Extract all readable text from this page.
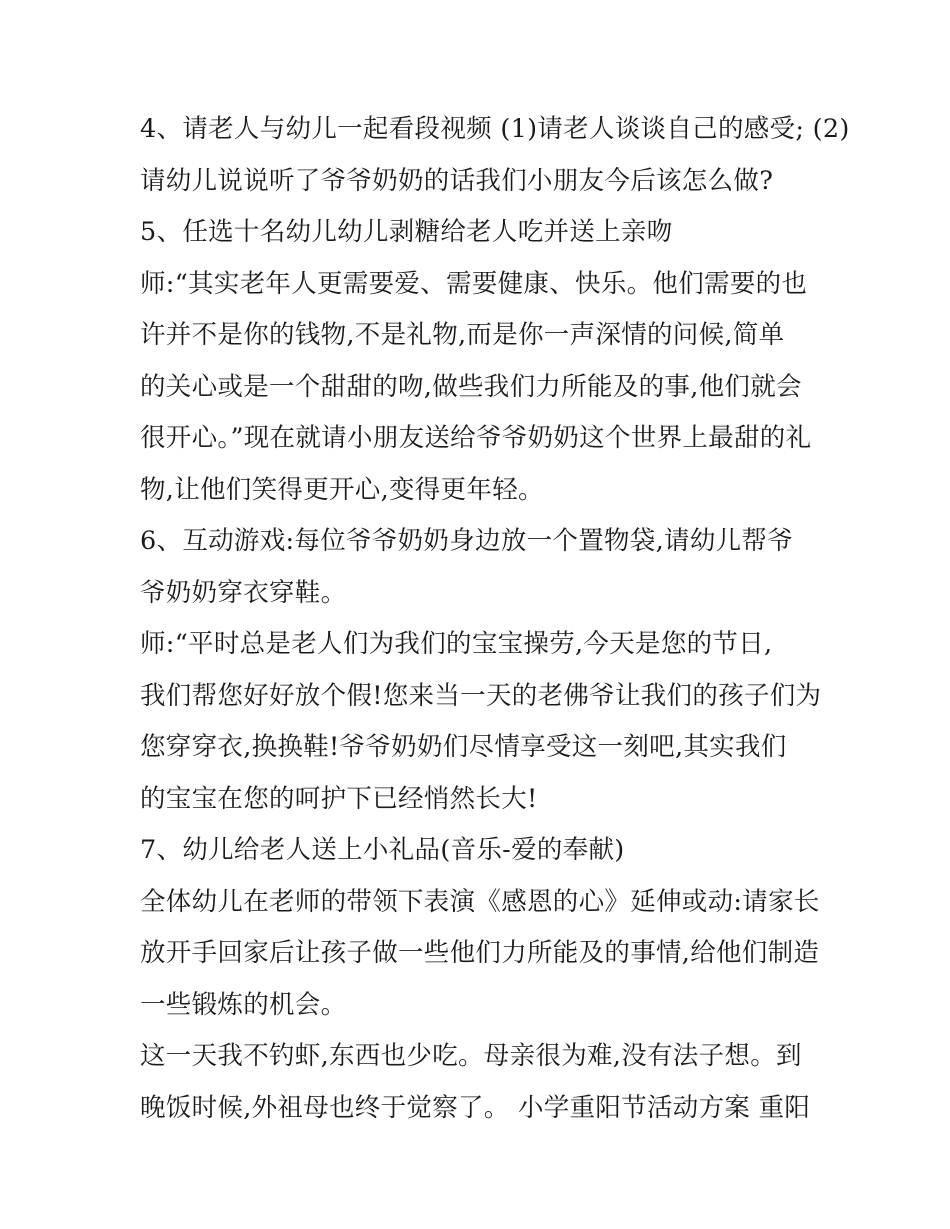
4、请老人与幼儿一起看段视频 (1)请老人谈谈自己的感受; (2)
请幼儿说说听了爷爷奶奶的话我们小朋友今后该怎么做?
5、任选十名幼儿幼儿剥糖给老人吃并送上亲吻
师:“其实老年人更需要爱、需要健康、快乐。他们需要的也
许并不是你的钱物,不是礼物,而是你一声深情的问候,简单
的关心或是一个甜甜的吻,做些我们力所能及的事,他们就会
很开心。”现在就请小朋友送给爷爷奶奶这个世界上最甜的礼
物,让他们笑得更开心,变得更年轻。
6、互动游戏:每位爷爷奶奶身边放一个置物袋,请幼儿帮爷
爷奶奶穿衣穿鞋。
师:“平时总是老人们为我们的宝宝操劳,今天是您的节日,
我们帮您好好放个假!您来当一天的老佛爷让我们的孩子们为
您穿穿衣,换换鞋!爷爷奶奶们尽情享受这一刻吧,其实我们
的宝宝在您的呵护下已经悄然长大!
7、幼儿给老人送上小礼品(音乐-爱的奉献)
全体幼儿在老师的带领下表演《感恩的心》延伸或动:请家长
放开手回家后让孩子做一些他们力所能及的事情,给他们制造
一些锻炼的机会。
这一天我不钓虾,东西也少吃。母亲很为难,没有法子想。到
晚饭时候,外祖母也终于觉察了。 小学重阳节活动方案 重阳
